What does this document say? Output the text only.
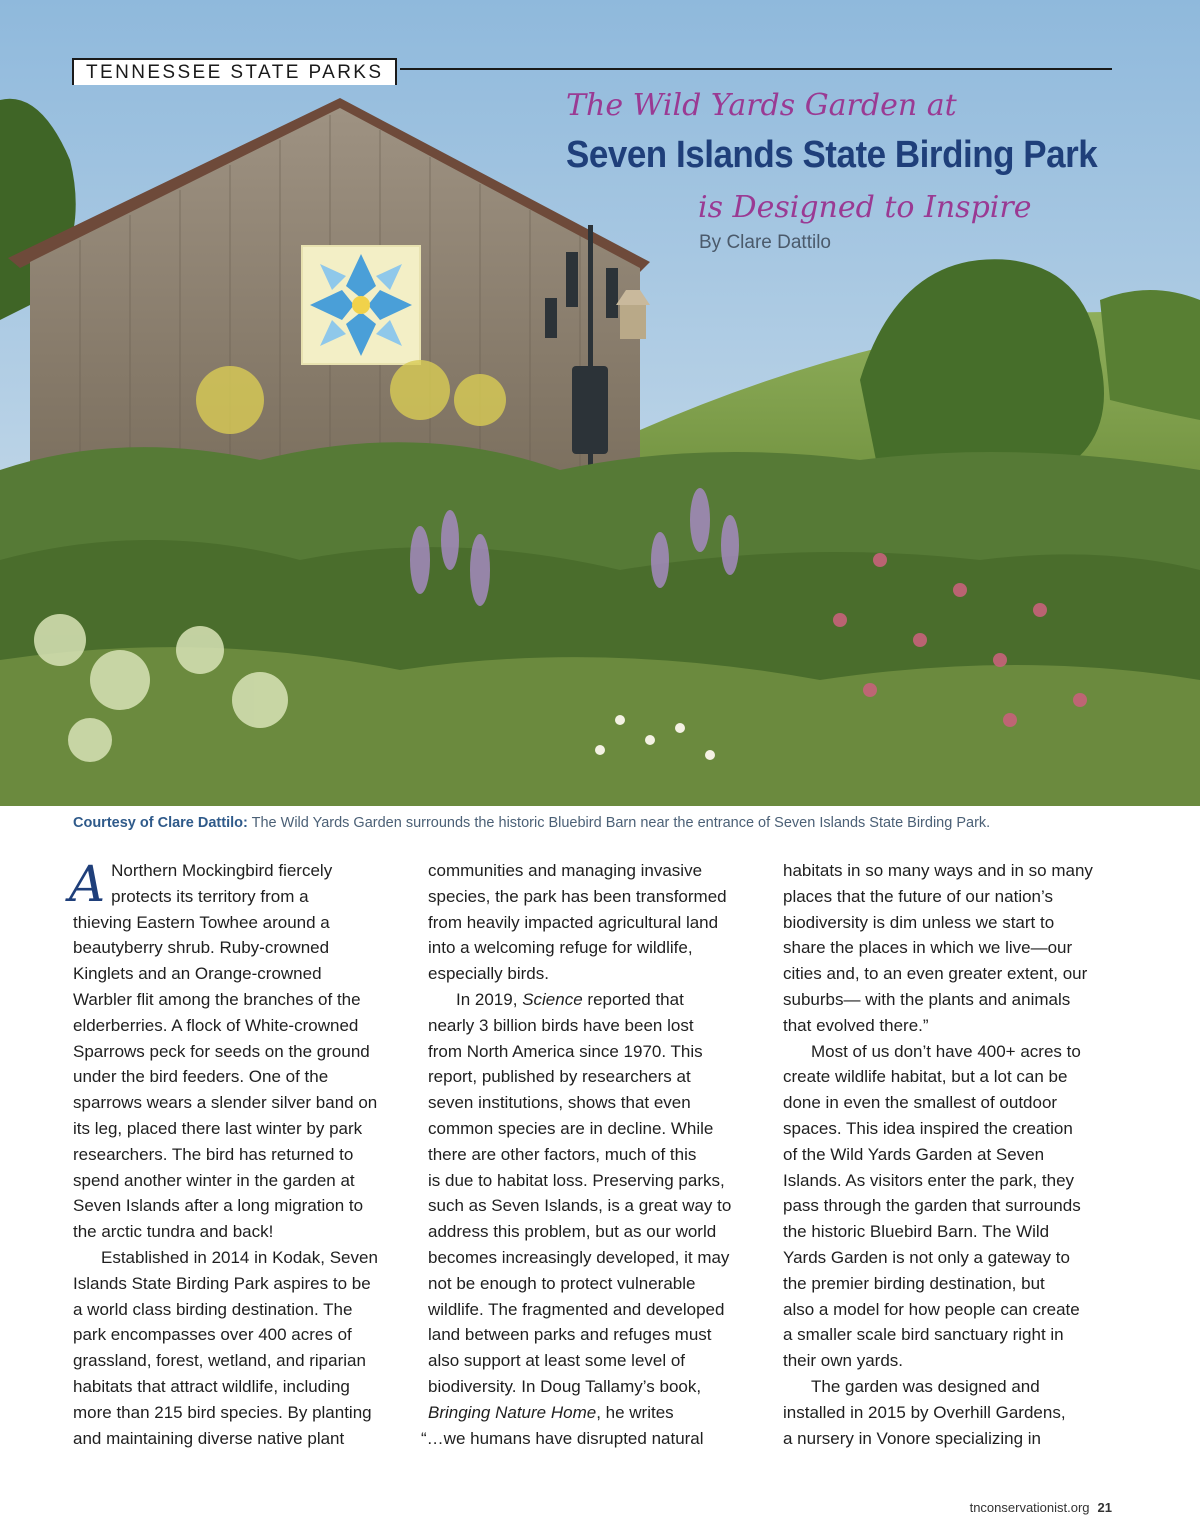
TENNESSEE STATE PARKS
The Wild Yards Garden at
Seven Islands State Birding Park
is Designed to Inspire
By Clare Dattilo
Courtesy of Clare Dattilo: The Wild Yards Garden surrounds the historic Bluebird Barn near the entrance of Seven Islands State Birding Park.
A Northern Mockingbird fiercely
protects its territory from a
thieving Eastern Towhee around a
beautyberry shrub. Ruby-crowned
Kinglets and an Orange-crowned
Warbler flit among the branches of the
elderberries. A flock of White-crowned
Sparrows peck for seeds on the ground
under the bird feeders. One of the
sparrows wears a slender silver band on
its leg, placed there last winter by park
researchers. The bird has returned to
spend another winter in the garden at
Seven Islands after a long migration to
the arctic tundra and back!
Established in 2014 in Kodak, Seven
Islands State Birding Park aspires to be
a world class birding destination. The
park encompasses over 400 acres of
grassland, forest, wetland, and riparian
habitats that attract wildlife, including
more than 215 bird species. By planting
and maintaining diverse native plant
communities and managing invasive
species, the park has been transformed
from heavily impacted agricultural land
into a welcoming refuge for wildlife,
especially birds.
In 2019, Science reported that
nearly 3 billion birds have been lost
from North America since 1970. This
report, published by researchers at
seven institutions, shows that even
common species are in decline. While
there are other factors, much of this
is due to habitat loss. Preserving parks,
such as Seven Islands, is a great way to
address this problem, but as our world
becomes increasingly developed, it may
not be enough to protect vulnerable
wildlife. The fragmented and developed
land between parks and refuges must
also support at least some level of
biodiversity. In Doug Tallamy’s book,
Bringing Nature Home, he writes
“…we humans have disrupted natural
habitats in so many ways and in so many
places that the future of our nation’s
biodiversity is dim unless we start to
share the places in which we live—our
cities and, to an even greater extent, our
suburbs— with the plants and animals
that evolved there.”
Most of us don’t have 400+ acres to
create wildlife habitat, but a lot can be
done in even the smallest of outdoor
spaces. This idea inspired the creation
of the Wild Yards Garden at Seven
Islands. As visitors enter the park, they
pass through the garden that surrounds
the historic Bluebird Barn. The Wild
Yards Garden is not only a gateway to
the premier birding destination, but
also a model for how people can create
a smaller scale bird sanctuary right in
their own yards.
The garden was designed and
installed in 2015 by Overhill Gardens,
a nursery in Vonore specializing in
tnconservationist.org 21
